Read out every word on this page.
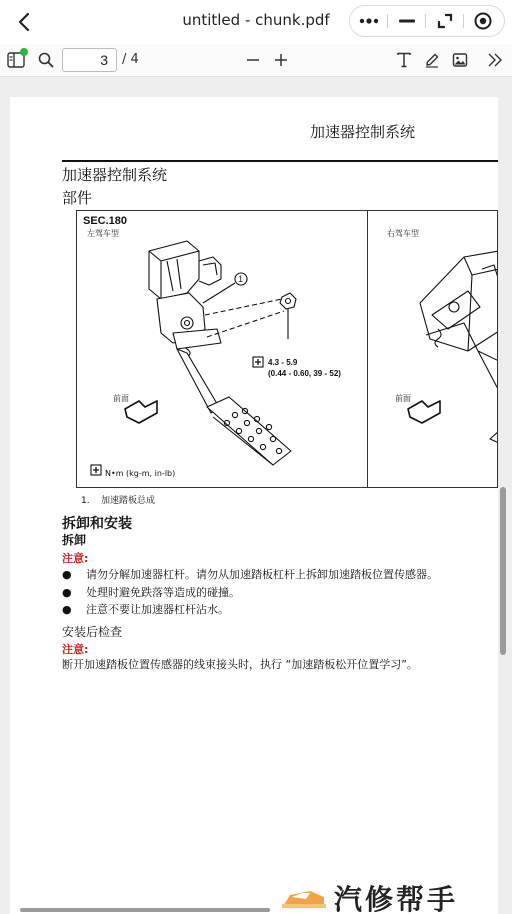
untitled - chunk.pdf
3
/ 4
加速器控制系统
加速器控制系统
部件
SEC.180
左驾车型	右驾车型
1
4.3 - 5.9
(0.44 - 0.60, 39 - 52)
前面
N•m (kg-m, in-lb)
前面
1. 加速踏板总成
拆卸和安装
拆卸
注意:
● 请勿分解加速器杠杆。请勿从加速踏板杠杆上拆卸加速踏板位置传感器。
● 处理时避免跌落等造成的碰撞。
● 注意不要让加速器杠杆沾水。
安装后检查
注意:
断开加速踏板位置传感器的线束接头时，执行 “加速踏板松开位置学习”。
汽修帮手
